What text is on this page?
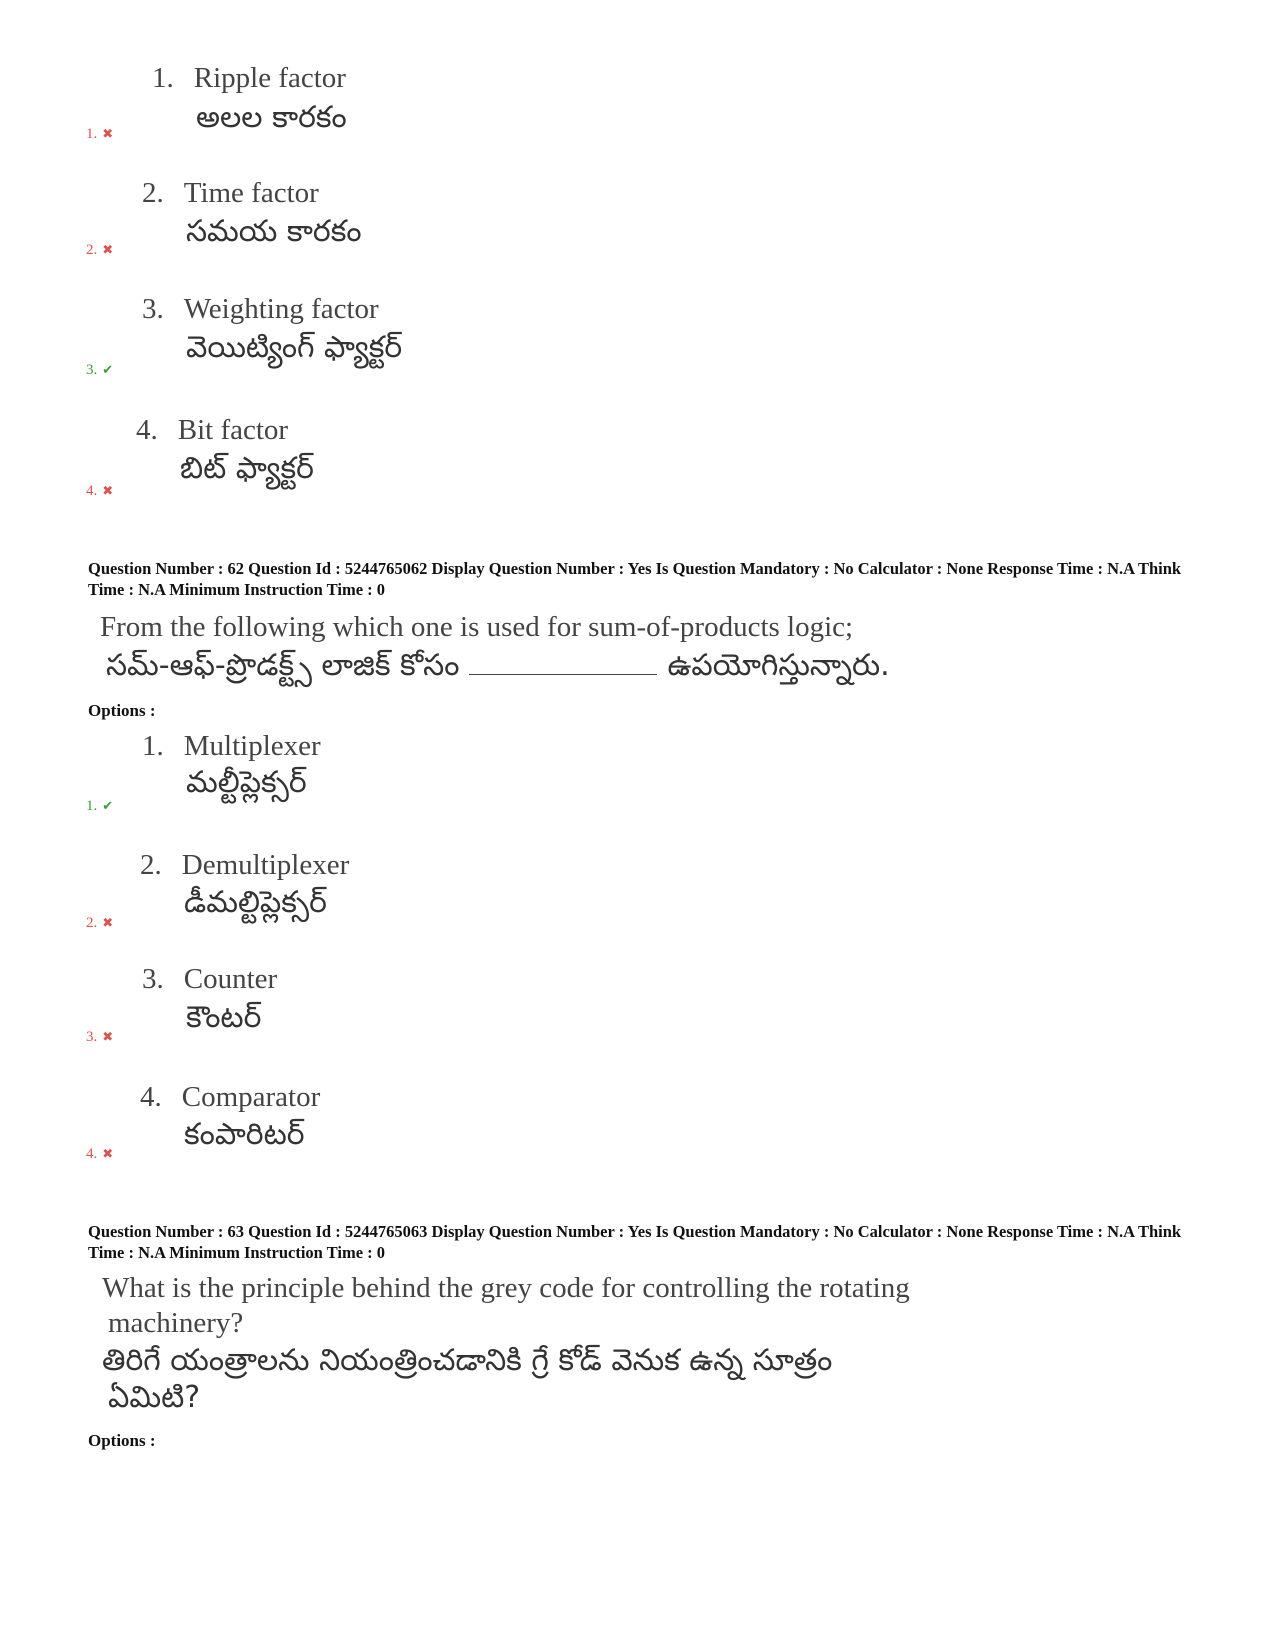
1. ✖
1. Ripple factor
అలల కారకం
2. ✖
2. Time factor
సమయ కారకం
3. ✔
3. Weighting factor
వెయిట్యింగ్ ఫ్యాక్టర్
4. ✖
4. Bit factor
బిట్ ఫ్యాక్టర్
Question Number : 62 Question Id : 5244765062 Display Question Number : Yes Is Question Mandatory : No Calculator : None Response Time : N.A Think Time : N.A Minimum Instruction Time : 0
From the following which one is used for sum-of-products logic;
సమ్-ఆఫ్-ప్రొడక్ట్స్ లాజిక్ కోసం	ఉపయోగిస్తున్నారు.
Options :
1. ✔
1. Multiplexer
మల్టీప్లెక్సర్
2. ✖
2. Demultiplexer
డీమల్టిప్లెక్సర్
3. ✖
3. Counter
కౌంటర్
4. ✖
4. Comparator
కంపారిటర్
Question Number : 63 Question Id : 5244765063 Display Question Number : Yes Is Question Mandatory : No Calculator : None Response Time : N.A Think Time : N.A Minimum Instruction Time : 0
What is the principle behind the grey code for controlling the rotating
machinery?
తిరిగే యంత్రాలను నియంత్రించడానికి గ్రే కోడ్ వెనుక ఉన్న సూత్రం
ఏమిటి?
Options :
